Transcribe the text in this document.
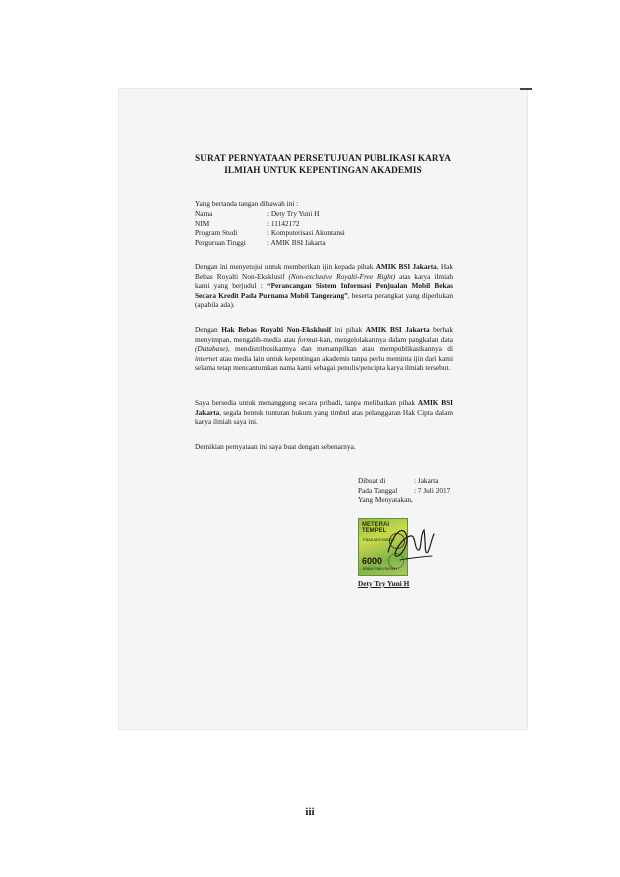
SURAT PERNYATAAN PERSETUJUAN PUBLIKASI KARYA
ILMIAH UNTUK KEPENTINGAN AKADEMIS
Yang bertanda tangan dibawah ini :
Nama	: Dety Try Yuni H
NIM	: 11142172
Program Studi	: Komputerisasi Akuntansi
Perguruan Tinggi	: AMIK BSI Jakarta
Dengan ini menyetujui untuk memberikan ijin kepada pihak AMIK BSI Jakarta, Hak Bebas Royalti Non-Eksklusif (Non-exclusive Royalti-Free Right) atas karya ilmiah kami yang berjudul : “Perancangan Sistem Informasi Penjualan Mobil Bekas Secara Kredit Pada Purnama Mobil Tangerang”, beserta perangkat yang diperlukan (apabila ada).
Dengan Hak Bebas Royalti Non-Eksklusif ini pihak AMIK BSI Jakarta berhak menyimpan, mengalih-media atau format-kan, mengelolakannya dalam pangkalan data (Database), mendistribusikannya dan menampilkan atau mempublikasikannya di internet atau media lain untuk kepentingan akademis tanpa perlu meminta ijin dari kami selama tetap mencantumkan nama kami sebagai penulis/pencipta karya ilmiah tersebut.
Saya bersedia untuk menanggung secara pribadi, tanpa melibatkan pihak AMIK BSI Jakarta, segala bentuk tuntutan hukum yang timbul atas pelanggaran Hak Cipta dalam karya ilmiah saya ini.
Demikian pernyataan ini saya buat dengan sebenarnya.
Dibuat di	: Jakarta
Pada Tanggal	: 7 Juli 2017
Yang Menyatakan,
METERAI TEMPEL
FBAEAEF268262
6000
ENAM RIBU RUPIAH
Dety Try Yuni H
iii
